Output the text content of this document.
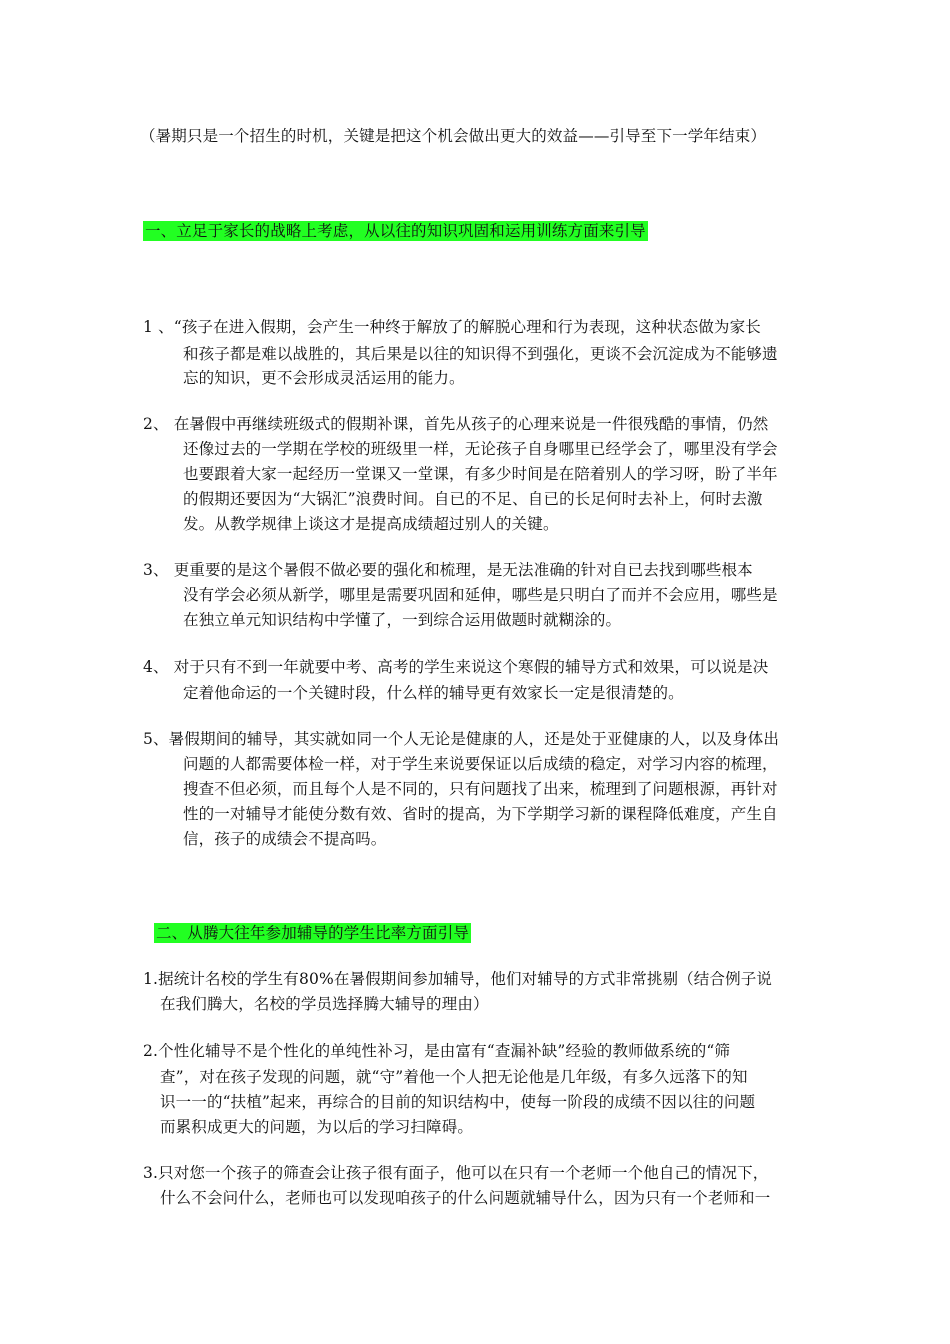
（暑期只是一个招生的时机，关键是把这个机会做出更大的效益——引导至下一学年结束）
一、立足于家长的战略上考虑，从以往的知识巩固和运用训练方面来引导
1 、“孩子在进入假期，会产生一种终于解放了的解脱心理和行为表现，这种状态做为家长
和孩子都是难以战胜的，其后果是以往的知识得不到强化，更谈不会沉淀成为不能够遗
忘的知识，更不会形成灵活运用的能力。
2、 在暑假中再继续班级式的假期补课，首先从孩子的心理来说是一件很残酷的事情，仍然
还像过去的一学期在学校的班级里一样，无论孩子自身哪里已经学会了，哪里没有学会
也要跟着大家一起经历一堂课又一堂课，有多少时间是在陪着别人的学习呀，盼了半年
的假期还要因为“大锅汇”浪费时间。自已的不足、自已的长足何时去补上，何时去激
发。从教学规律上谈这才是提高成绩超过别人的关键。
3、 更重要的是这个暑假不做必要的强化和梳理，是无法准确的针对自已去找到哪些根本
没有学会必须从新学，哪里是需要巩固和延伸，哪些是只明白了而并不会应用，哪些是
在独立单元知识结构中学懂了，一到综合运用做题时就糊涂的。
4、 对于只有不到一年就要中考、高考的学生来说这个寒假的辅导方式和效果，可以说是决
定着他命运的一个关键时段，什么样的辅导更有效家长一定是很清楚的。
5、暑假期间的辅导，其实就如同一个人无论是健康的人，还是处于亚健康的人，以及身体出
问题的人都需要体检一样，对于学生来说要保证以后成绩的稳定，对学习内容的梳理，
搜查不但必须，而且每个人是不同的，只有问题找了出来，梳理到了问题根源，再针对
性的一对辅导才能使分数有效、省时的提高，为下学期学习新的课程降低难度，产生自
信，孩子的成绩会不提高吗。
二、从腾大往年参加辅导的学生比率方面引导
1.据统计名校的学生有80%在暑假期间参加辅导，他们对辅导的方式非常挑剔（结合例子说
在我们腾大，名校的学员选择腾大辅导的理由）
2.个性化辅导不是个性化的单纯性补习，是由富有“查漏补缺”经验的教师做系统的“筛
查”，对在孩子发现的问题，就“守”着他一个人把无论他是几年级，有多久远落下的知
识一一的“扶植”起来，再综合的目前的知识结构中，使每一阶段的成绩不因以往的问题
而累积成更大的问题，为以后的学习扫障碍。
3.只对您一个孩子的筛查会让孩子很有面子，他可以在只有一个老师一个他自己的情况下，
什么不会问什么，老师也可以发现咱孩子的什么问题就辅导什么，因为只有一个老师和一
